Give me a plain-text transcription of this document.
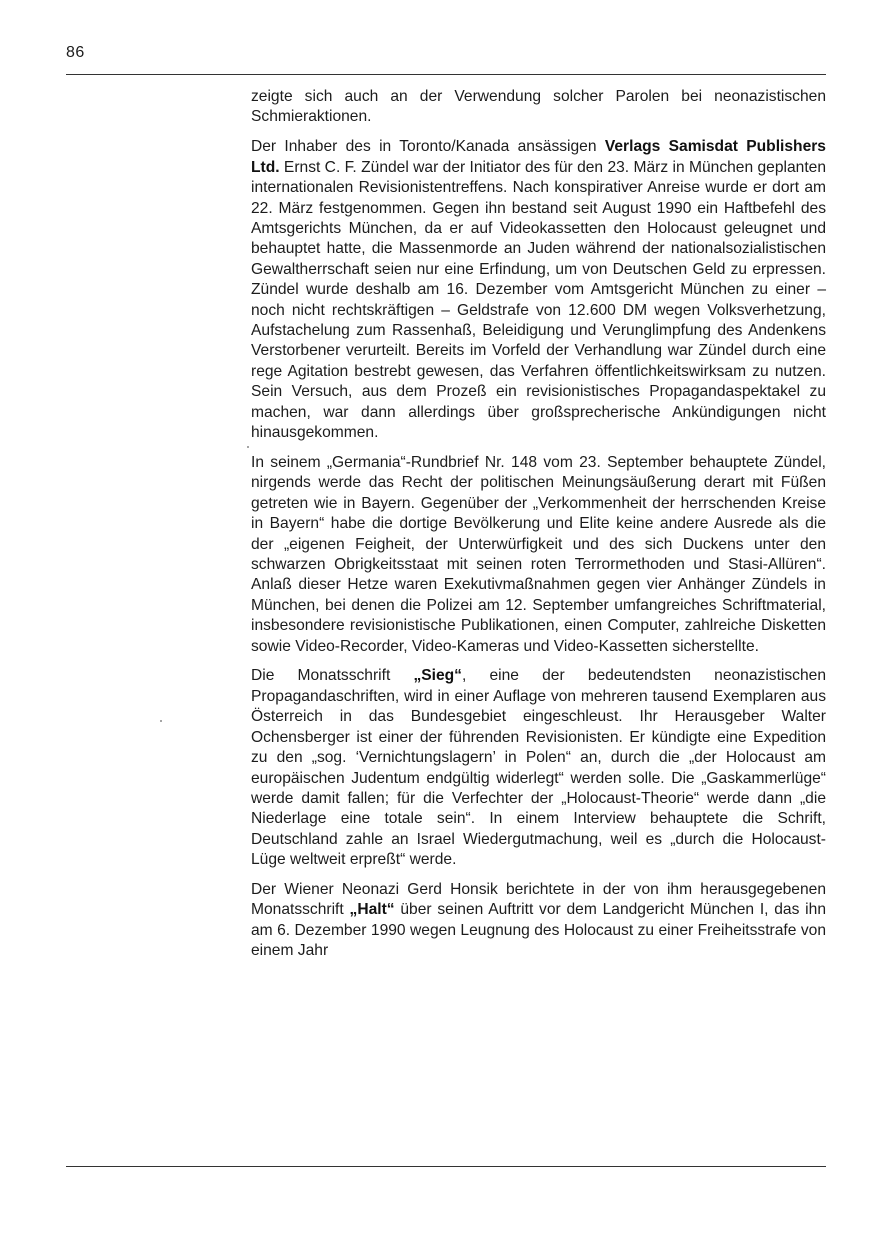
86

zeigte sich auch an der Verwendung solcher Parolen bei neonazistischen Schmieraktionen.

Der Inhaber des in Toronto/Kanada ansässigen Verlags Samisdat Publishers Ltd. Ernst C. F. Zündel war der Initiator des für den 23. März in München geplanten internationalen Revisionistentreffens. Nach konspirativer Anreise wurde er dort am 22. März festgenommen. Gegen ihn bestand seit August 1990 ein Haftbefehl des Amtsgerichts München, da er auf Videokassetten den Holocaust geleugnet und behauptet hatte, die Massenmorde an Juden während der nationalsozialistischen Gewaltherrschaft seien nur eine Erfindung, um von Deutschen Geld zu erpressen. Zündel wurde deshalb am 16. Dezember vom Amtsgericht München zu einer – noch nicht rechtskräftigen – Geldstrafe von 12.600 DM wegen Volksverhetzung, Aufstachelung zum Rassenhaß, Beleidigung und Verunglimpfung des Andenkens Verstorbener verurteilt. Bereits im Vorfeld der Verhandlung war Zündel durch eine rege Agitation bestrebt gewesen, das Verfahren öffentlichkeitswirksam zu nutzen. Sein Versuch, aus dem Prozeß ein revisionistisches Propagandaspektakel zu machen, war dann allerdings über großsprecherische Ankündigungen nicht hinausgekommen.

In seinem „Germania“-Rundbrief Nr. 148 vom 23. September behauptete Zündel, nirgends werde das Recht der politischen Meinungsäußerung derart mit Füßen getreten wie in Bayern. Gegenüber der „Verkommenheit der herrschenden Kreise in Bayern“ habe die dortige Bevölkerung und Elite keine andere Ausrede als die der „eigenen Feigheit, der Unterwürfigkeit und des sich Duckens unter den schwarzen Obrigkeitsstaat mit seinen roten Terrormethoden und Stasi-Allüren“. Anlaß dieser Hetze waren Exekutivmaßnahmen gegen vier Anhänger Zündels in München, bei denen die Polizei am 12. September umfangreiches Schriftmaterial, insbesondere revisionistische Publikationen, einen Computer, zahlreiche Disketten sowie Video-Recorder, Video-Kameras und Video-Kassetten sicherstellte.

Die Monatsschrift „Sieg“, eine der bedeutendsten neonazistischen Propagandaschriften, wird in einer Auflage von mehreren tausend Exemplaren aus Österreich in das Bundesgebiet eingeschleust. Ihr Herausgeber Walter Ochensberger ist einer der führenden Revisionisten. Er kündigte eine Expedition zu den „sog. ‘Vernichtungslagern’ in Polen“ an, durch die „der Holocaust am europäischen Judentum endgültig widerlegt“ werden solle. Die „Gaskammerlüge“ werde damit fallen; für die Verfechter der „Holocaust-Theorie“ werde dann „die Niederlage eine totale sein“. In einem Interview behauptete die Schrift, Deutschland zahle an Israel Wiedergutmachung, weil es „durch die Holocaust-Lüge weltweit erpreßt“ werde.

Der Wiener Neonazi Gerd Honsik berichtete in der von ihm herausgegebenen Monatsschrift „Halt“ über seinen Auftritt vor dem Landgericht München I, das ihn am 6. Dezember 1990 wegen Leugnung des Holocaust zu einer Freiheitsstrafe von einem Jahr
